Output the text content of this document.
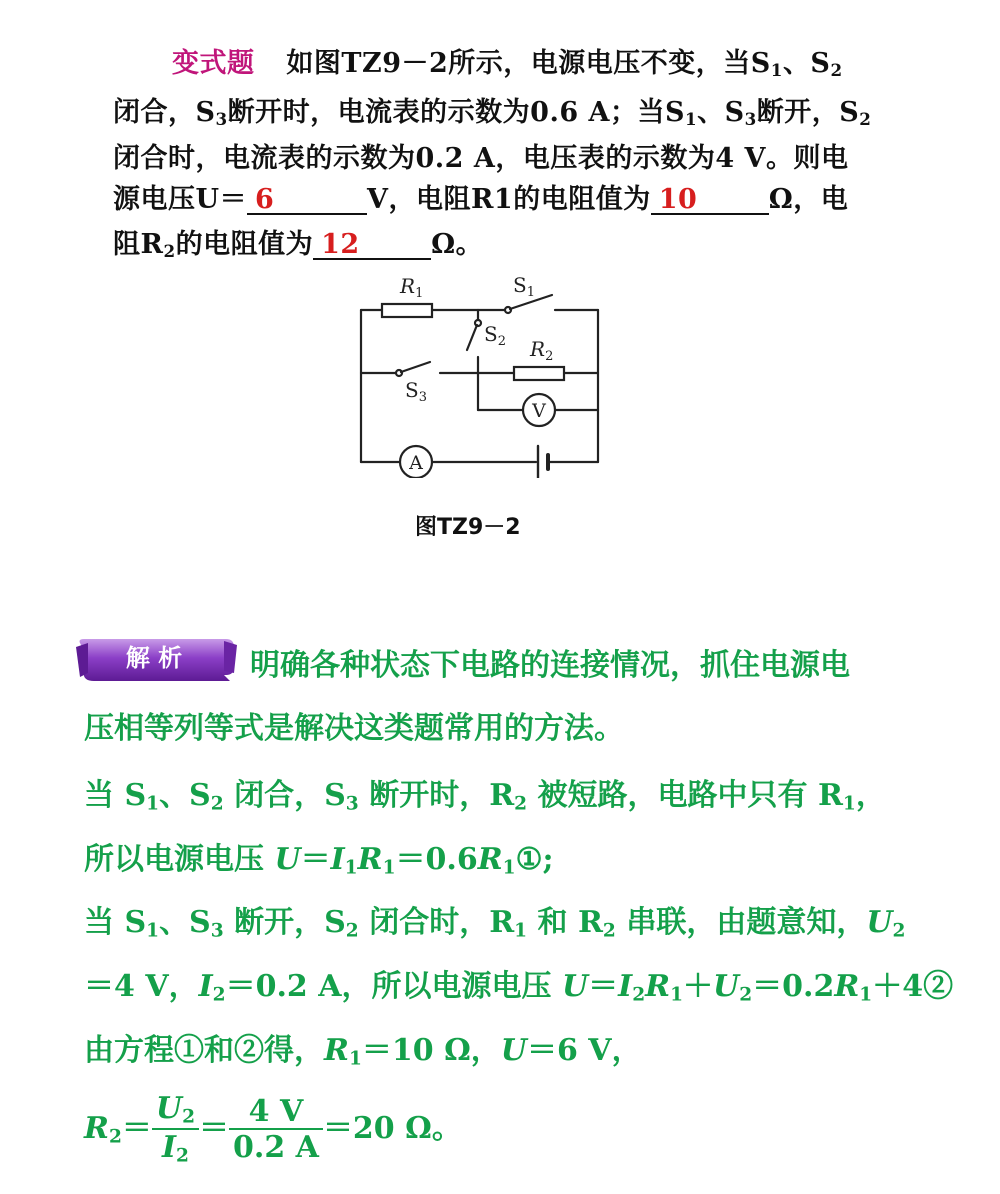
变式题 如图TZ9－2所示，电源电压不变，当$S_1$、$S_2$
闭合，$S_3$断开时，电流表的示数为0.6 A；当$S_1$、$S_3$断开，$S_2$
闭合时，电流表的示数为0.2 A，电压表的示数为4 V。则电
源电压U＝ 6	V，电阻R1的电阻值为 10	Ω，电
阻$R_2$的电阻值为 12	Ω。
$R_1$	$S_1$
$S_2$ $R_2$
$S_3$
V
A
图TZ9－2
解 析 明确各种状态下电路的连接情况，抓住电源电
压相等列等式是解决这类题常用的方法。
当 $S_1$、$S_2$ 闭合，$S_3$ 断开时，$R_2$ 被短路，电路中只有 $R_1$，
所以电源电压 $U=I_1R_1=0.6R_1①$;
当 $S_1$、$S_3$ 断开，$S_2$ 闭合时，$R_1$ 和 $R_2$ 串联，由题意知，$U_2$
＝4 V，$I_2=0.2$ A，所以电源电压 $U=I_2R_1+U_2=0.2R_1+4②$
由方程①和②得，$R_1=10$ Ω，U＝6 V，
$R_2= \frac{U_2}{I_2} = \frac{4 V}{0.2 A} =20$ Ω。
